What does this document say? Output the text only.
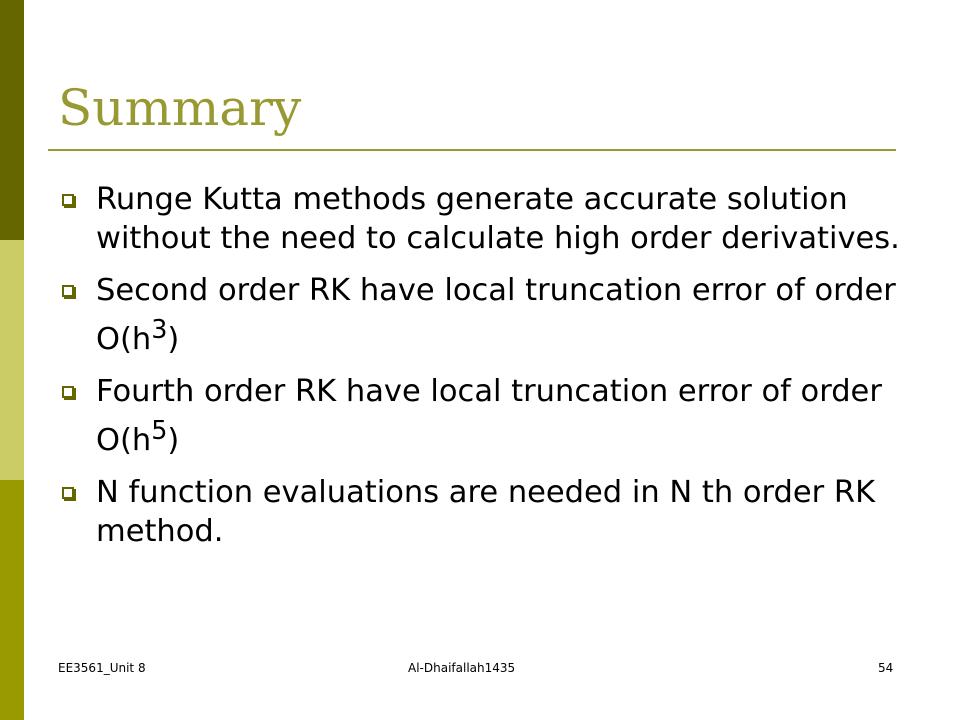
Summary
Runge Kutta methods generate accurate solution without the need to calculate high order derivatives.
Second order RK have local truncation error of order $O(h^3)$
Fourth order RK have local truncation error of order $O(h^5)$
N function evaluations are needed in N th order RK method.
EE3561_Unit 8	Al-Dhaifallah1435	54
